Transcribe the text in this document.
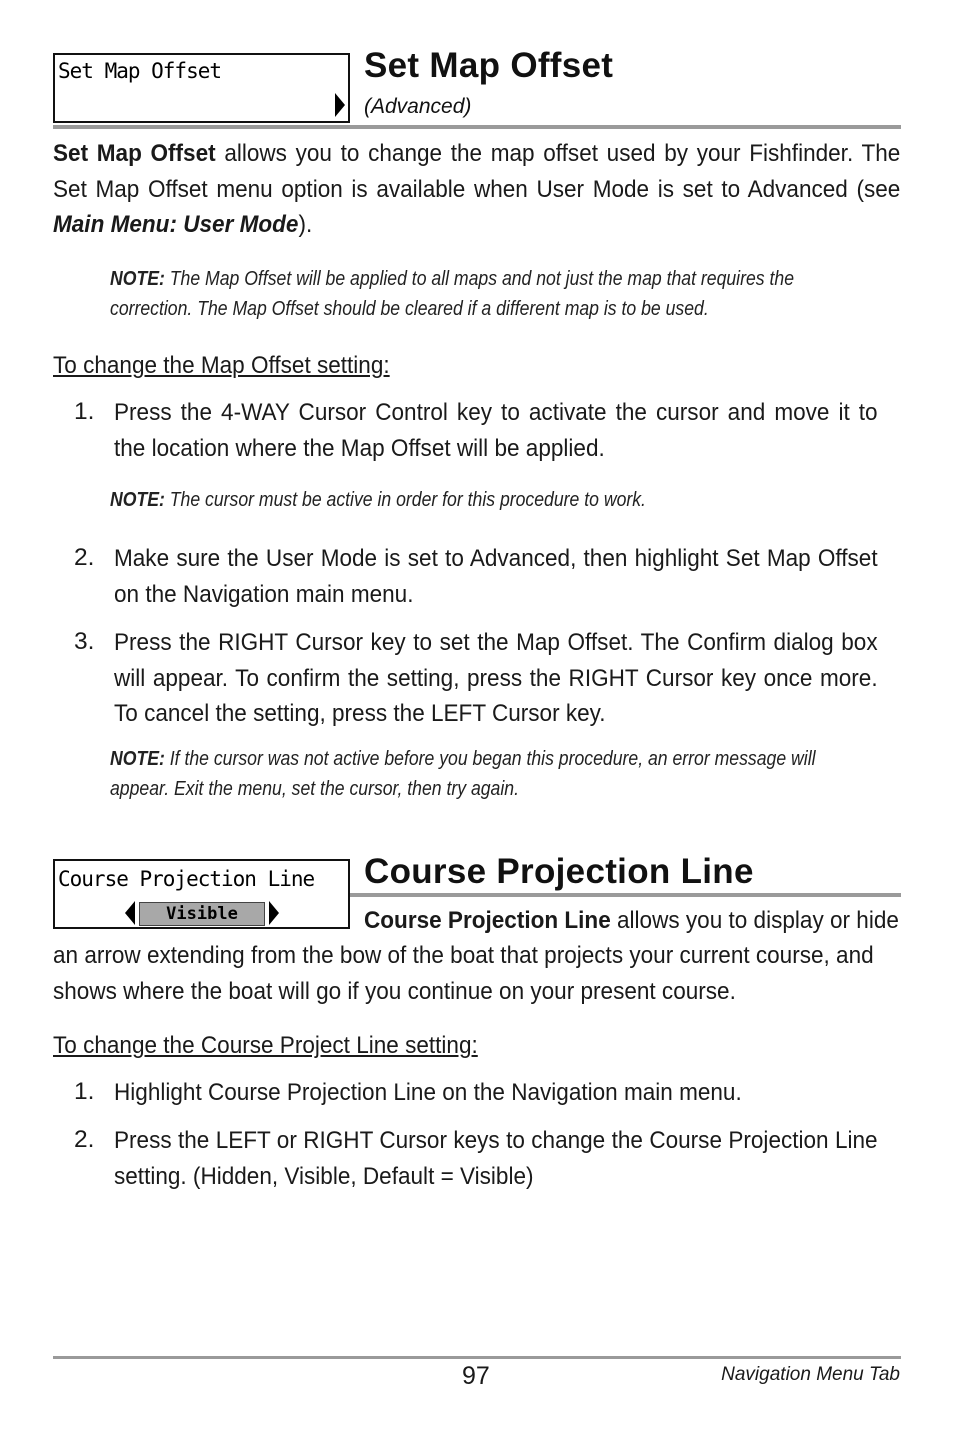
Set Map Offset	Set Map Offset
(Advanced)
Set Map Offset allows you to change the map offset used by your Fishfinder. The Set Map Offset menu option is available when User Mode is set to Advanced (see Main Menu: User Mode).
NOTE: The Map Offset will be applied to all maps and not just the map that requires the correction. The Map Offset should be cleared if a different map is to be used.
To change the Map Offset setting:
1. Press the 4-WAY Cursor Control key to activate the cursor and move it to the location where the Map Offset will be applied.
NOTE: The cursor must be active in order for this procedure to work.
2. Make sure the User Mode is set to Advanced, then highlight Set Map Offset on the Navigation main menu.
3. Press the RIGHT Cursor key to set the Map Offset. The Confirm dialog box will appear. To confirm the setting, press the RIGHT Cursor key once more. To cancel the setting, press the LEFT Cursor key.
NOTE: If the cursor was not active before you began this procedure, an error message will appear. Exit the menu, set the cursor, then try again.
Course Projection Line
Visible
Course Projection Line
Course Projection Line allows you to display or hide
an arrow extending from the bow of the boat that projects your current course, and shows where the boat will go if you continue on your present course.
To change the Course Project Line setting:
1. Highlight Course Projection Line on the Navigation main menu.
2. Press the LEFT or RIGHT Cursor keys to change the Course Projection Line setting. (Hidden, Visible, Default = Visible)
97	Navigation Menu Tab
